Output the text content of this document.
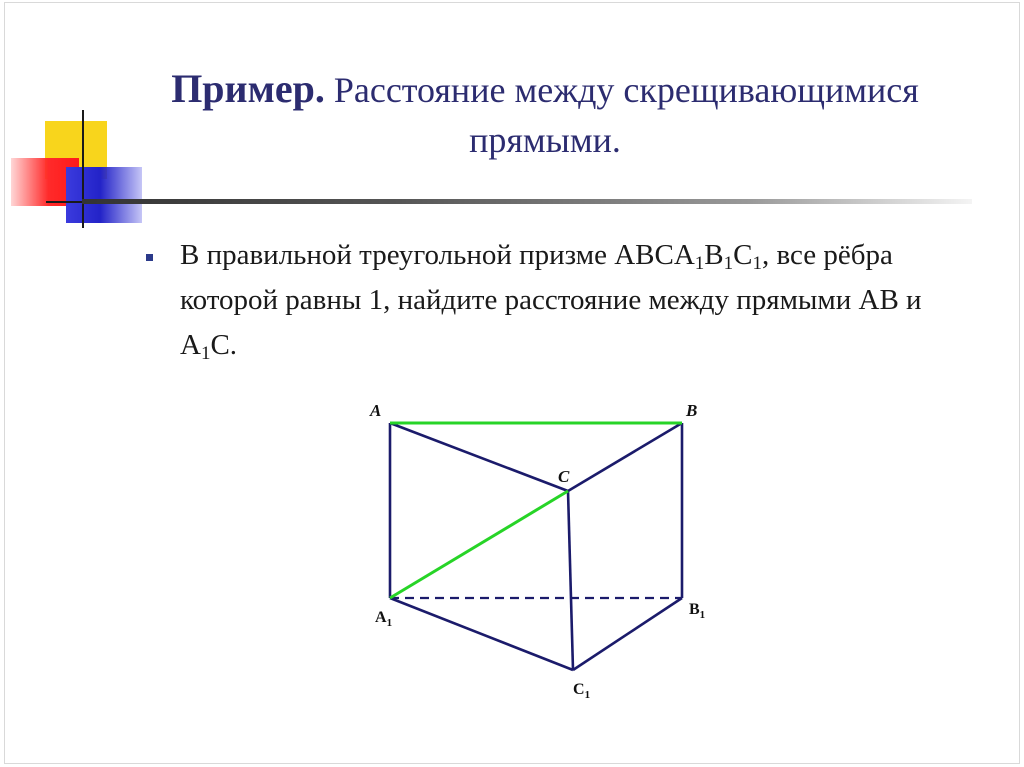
Пример. Расстояние между скрещивающимися прямыми.
В правильной треугольной призме $ABCA_1B_1C_1$, все рёбра которой равны 1, найдите расстояние между прямыми AB и $A_1C$.
A	B
C
$A_1$
$B_1$
$C_1$
